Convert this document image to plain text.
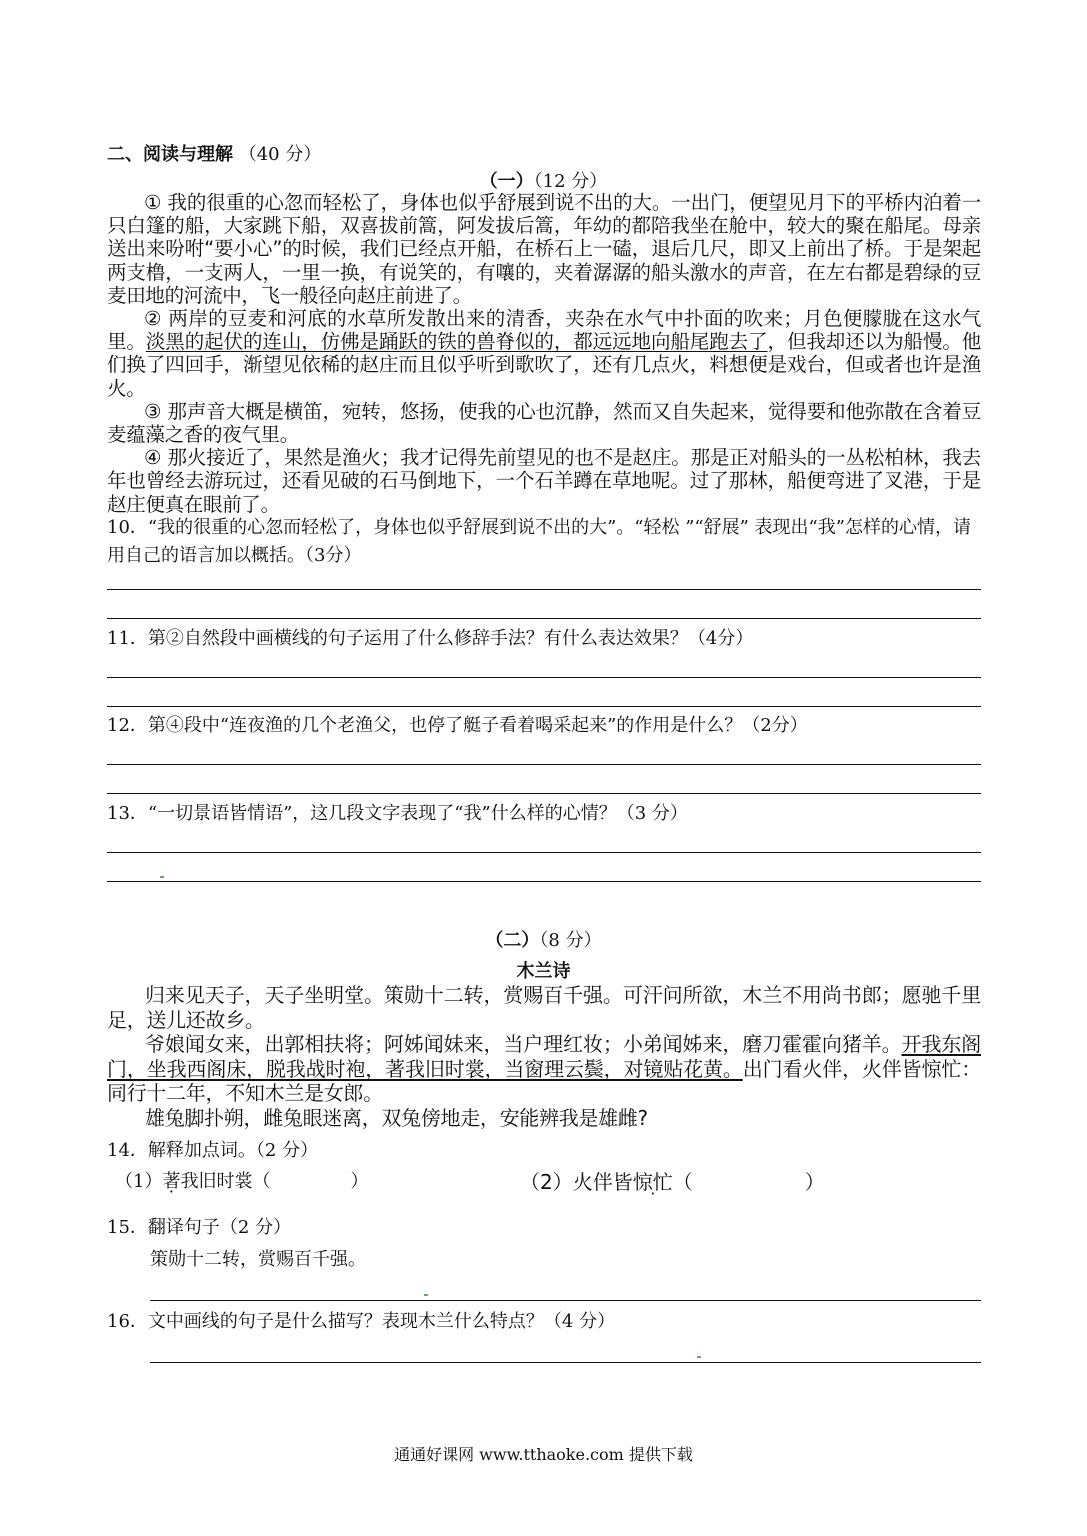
二、阅读与理解 （40 分）
（一）（12 分）

① 我的很重的心忽而轻松了，身体也似乎舒展到说不出的大。一出门，便望见月下的平桥内泊着一只白篷的船，大家跳下船，双喜拔前篙，阿发拔后篙，年幼的都陪我坐在舱中，较大的聚在船尾。母亲送出来吩咐“要小心”的时候，我们已经点开船，在桥石上一磕，退后几尺，即又上前出了桥。于是架起两支橹，一支两人，一里一换，有说笑的，有嚷的，夹着潺潺的船头激水的声音，在左右都是碧绿的豆麦田地的河流中，飞一般径向赵庄前进了。

② 两岸的豆麦和河底的水草所发散出来的清香，夹杂在水气中扑面的吹来；月色便朦胧在这水气里。淡黑的起伏的连山，仿佛是踊跃的铁的兽脊似的，都远远地向船尾跑去了，但我却还以为船慢。他们换了四回手，渐望见依稀的赵庄而且似乎听到歌吹了，还有几点火，料想便是戏台，但或者也许是渔火。

③ 那声音大概是横笛，宛转，悠扬，使我的心也沉静，然而又自失起来，觉得要和他弥散在含着豆麦蕴藻之香的夜气里。

④ 那火接近了，果然是渔火；我才记得先前望见的也不是赵庄。那是正对船头的一丛松柏林，我去年也曾经去游玩过，还看见破的石马倒地下，一个石羊蹲在草地呢。过了那林，船便弯进了叉港，于是赵庄便真在眼前了。

10．“我的很重的心忽而轻松了，身体也似乎舒展到说不出的大”。“轻松 ”“舒展” 表现出“我”怎样的心情，请用自己的语言加以概括。（3分）

11．第②自然段中画横线的句子运用了什么修辞手法？有什么表达效果？（4分）

12．第④段中“连夜渔的几个老渔父，也停了艇子看着喝采起来”的作用是什么？（2分）

13．“一切景语皆情语”，这几段文字表现了“我”什么样的心情？（3 分）

（二）（8 分）
木兰诗

归来见天子，天子坐明堂。策勋十二转，赏赐百千强。可汗问所欲，木兰不用尚书郎；愿驰千里足，送儿还故乡。

爷娘闻女来，出郭相扶将；阿姊闻妹来，当户理红妆；小弟闻姊来，磨刀霍霍向猪羊。开我东阁门，坐我西阁床，脱我战时袍，著我旧时裳，当窗理云鬓，对镜贴花黄。出门看火伴，火伴皆惊忙：同行十二年，不知木兰是女郎。

雄兔脚扑朔，雌兔眼迷离，双兔傍地走，安能辨我是雄雌?

14．解释加点词。（2 分）

（1）著我旧时裳（	）	（2）火伴皆惊忙（	）

15．翻译句子（2 分）

策勋十二转，赏赐百千强。

16．文中画线的句子是什么描写？表现木兰什么特点？（4 分）

通通好课网 www.tthaoke.com 提供下载
